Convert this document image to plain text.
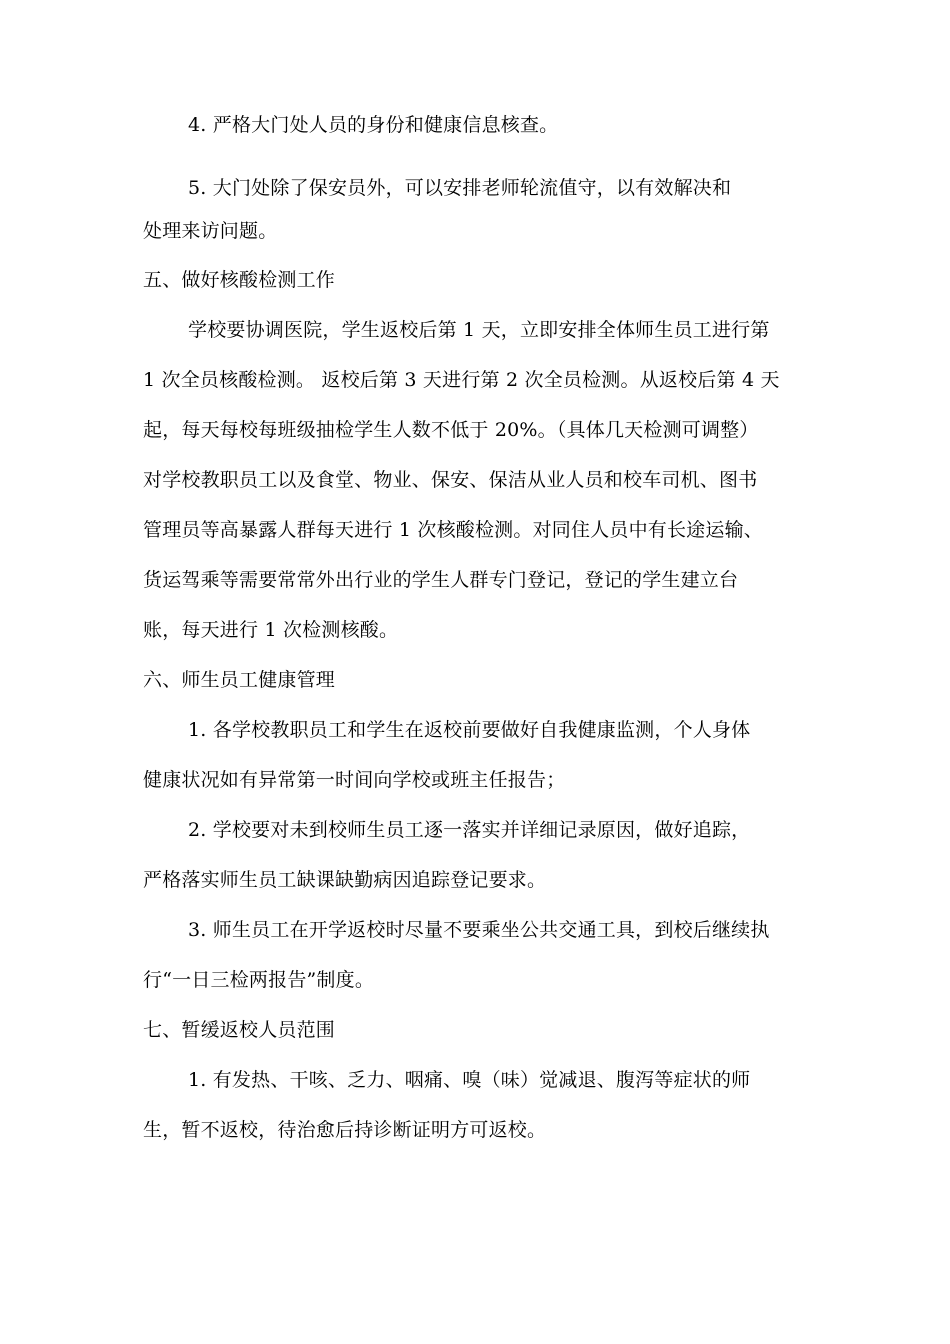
4. 严格大门处人员的身份和健康信息核查。
5. 大门处除了保安员外，可以安排老师轮流值守，以有效解决和
处理来访问题。
五、做好核酸检测工作
学校要协调医院，学生返校后第 1 天，立即安排全体师生员工进行第
1 次全员核酸检测。 返校后第 3 天进行第 2 次全员检测。从返校后第 4 天
起，每天每校每班级抽检学生人数不低于 20%。（具体几天检测可调整）
对学校教职员工以及食堂、物业、保安、保洁从业人员和校车司机、图书
管理员等高暴露人群每天进行 1 次核酸检测。对同住人员中有长途运输、
货运驾乘等需要常常外出行业的学生人群专门登记，登记的学生建立台
账，每天进行 1 次检测核酸。
六、师生员工健康管理
1. 各学校教职员工和学生在返校前要做好自我健康监测，个人身体
健康状况如有异常第一时间向学校或班主任报告；
2. 学校要对未到校师生员工逐一落实并详细记录原因，做好追踪，
严格落实师生员工缺课缺勤病因追踪登记要求。
3. 师生员工在开学返校时尽量不要乘坐公共交通工具，到校后继续执
行“一日三检两报告”制度。
七、暂缓返校人员范围
1. 有发热、干咳、乏力、咽痛、嗅（味）觉减退、腹泻等症状的师
生，暂不返校，待治愈后持诊断证明方可返校。
